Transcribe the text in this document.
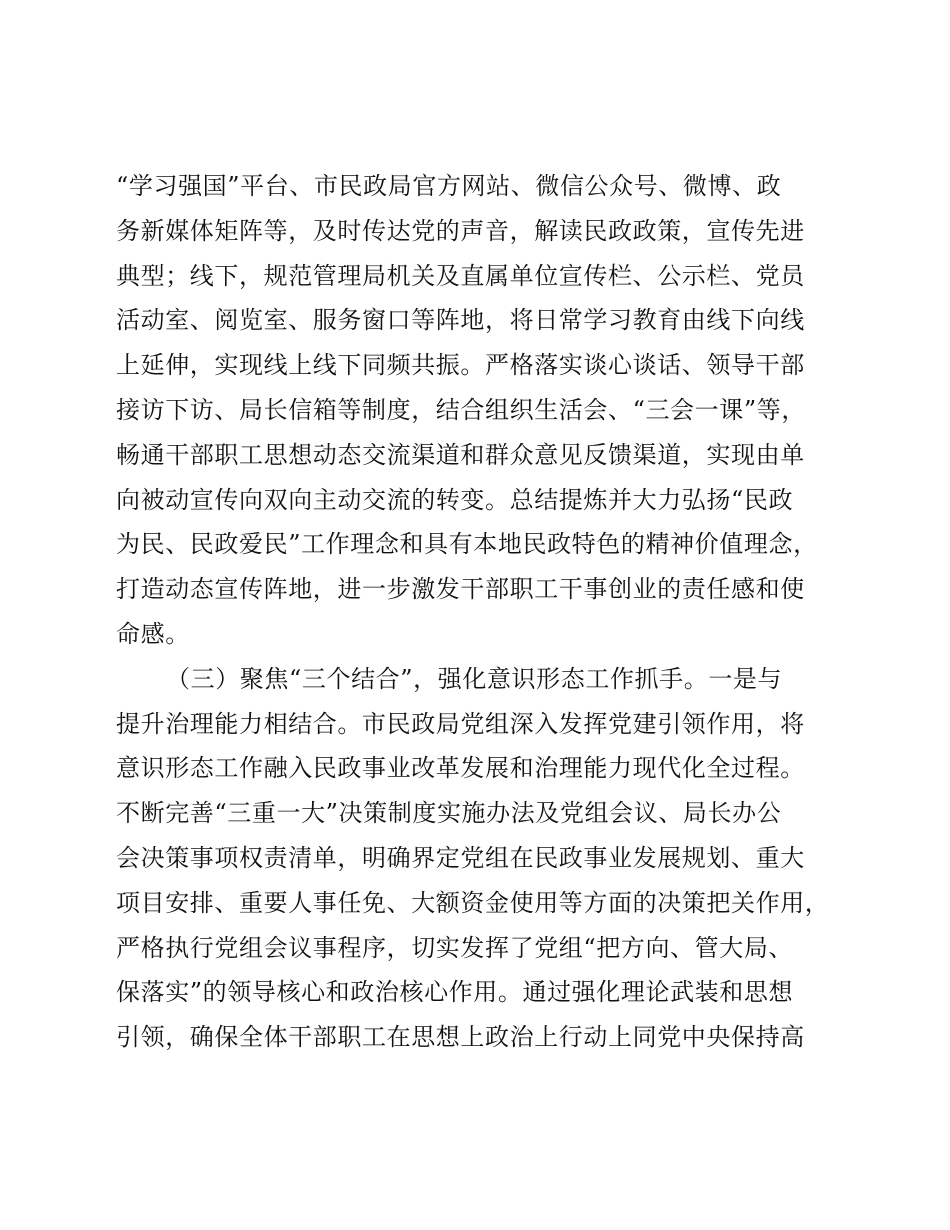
“学习强国”平台、市民政局官方网站、微信公众号、微博、政
务新媒体矩阵等，及时传达党的声音，解读民政政策，宣传先进
典型；线下，规范管理局机关及直属单位宣传栏、公示栏、党员
活动室、阅览室、服务窗口等阵地，将日常学习教育由线下向线
上延伸，实现线上线下同频共振。严格落实谈心谈话、领导干部
接访下访、局长信箱等制度，结合组织生活会、“三会一课”等，
畅通干部职工思想动态交流渠道和群众意见反馈渠道，实现由单
向被动宣传向双向主动交流的转变。总结提炼并大力弘扬“民政
为民、民政爱民”工作理念和具有本地民政特色的精神价值理念，
打造动态宣传阵地，进一步激发干部职工干事创业的责任感和使
命感。
（三）聚焦“三个结合”，强化意识形态工作抓手。一是与
提升治理能力相结合。市民政局党组深入发挥党建引领作用，将
意识形态工作融入民政事业改革发展和治理能力现代化全过程。
不断完善“三重一大”决策制度实施办法及党组会议、局长办公
会决策事项权责清单，明确界定党组在民政事业发展规划、重大
项目安排、重要人事任免、大额资金使用等方面的决策把关作用，
严格执行党组会议事程序，切实发挥了党组“把方向、管大局、
保落实”的领导核心和政治核心作用。通过强化理论武装和思想
引领，确保全体干部职工在思想上政治上行动上同党中央保持高
